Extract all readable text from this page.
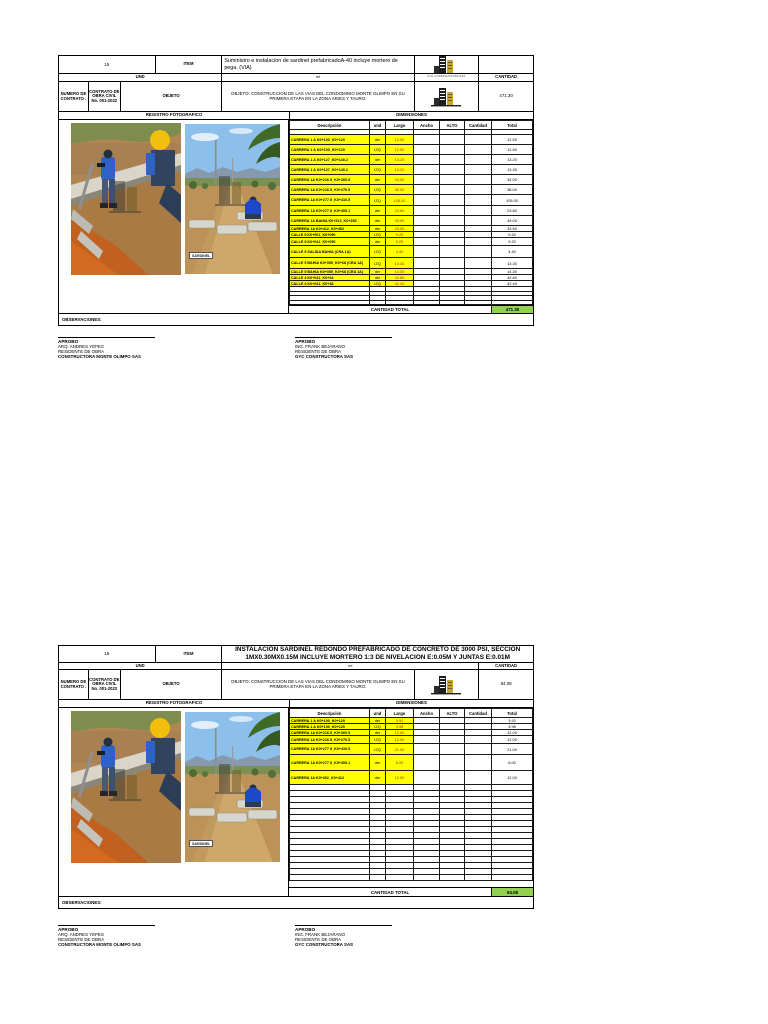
15	ITEM	Suministro e instalacion de sardinel prefabricadoA-40 incluye mortero de pega. (VIA)
UND	ml	GYC CONSTRUCTORA SAS	CANTIDAD
NUMERO DE CONTRATO .
CONTRATO DE OBRA CIVIL No. 001-2022
OBJETO
OBJETO: CONSTRUCCION DE LAS VIAS DEL CONDOMINIO MONTE OLIMPO EN SU PRIMERA ETAPA EN LA ZONA ARIES Y TAURO.	471.30
REGISTRO FOTOGRAFICO	DIMENSIONES
SARDINEL
Descripción	und	Largo	Ancho	ALTO	Cantidad	Total

CARRERA 1 A K0+100_K0+120	der	12.50				12.50
CARRERA 1 A K0+100_K0+120	IZQ	12.50				12.50
CARRERA 1 A K0+127_K0+140.2	der	13.20				13.20
CARRERA 1 A K0+127_K0+140.2	IZQ	13.30				13.30
CARRERA 1A K0+216.5_K0+260.5	der	34.00				34.00
CARRERA 1A K0+216.5_K0+270.5	IZQ	38.00				38.00
CARRERA 1A K0+277.5_K0+410.5	IZQ	105.00				105.00
CARRERA 1A K0+277.5_K0+305.1	der	23.60				23.60
CARRERA 1A BAHIA K0+313_K0+355	der	49.00				49.00
CARRERA 1A K0+412_K0+452	der	33.50				33.50
CALLE 5 K0+001_K0+050	IZQ	9.20				9.20
CALLE 5 K0+041_K0+050	der	9.20				9.20
CALLE 5 SALIDA BAHIA (CRA 1A)	IZQ	4.40				4.40
CALLE 5 BAHIA K0+055_K0+68 (CRA 1A)	IZQ	13.30				13.30
CALLE 5 BAHIA K0+055_K0+68 (CRA 1A)	der	14.30				14.30
CALLE 4 K0+041_K0+44	der	42.80				42.80
CALLE 4 K0+041_K0+48	IZQ	42.40				42.40

CANTIDAD TOTAL	471.30
OBSERVACIONES:
APROBO
ARQ. ANDRES YEPES
RESIDENTE DE OBRA
CONSTRUCTORA MONTE OLIMPO SAS
APROBO
ING. FRANK BEJARANO
RESIDENTE DE OBRA
GYC CONSTRUCTORA SAS
16	ITEM	INSTALACION SARDINEL REDONDO PREFABRICADO DE CONCRETO DE 3000 PSI, SECCION 1MX0.30MX0.15M INCLUYE MORTERO 1:3 DE NIVELACION E:0.05M Y JUNTAS E:0.01M
UND	ml	CANTIDAD
NUMERO DE CONTRATO .
CONTRATO DE OBRA CIVIL No. 001-2022
OBJETO
OBJETO: CONSTRUCCION DE LAS VIAS DEL CONDOMINIO MONTE OLIMPO EN SU PRIMERA ETAPA EN LA ZONA ARIES Y TAURO.	84.08
REGISTRO FOTOGRAFICO	DIMENSIONES
SARDINEL
Descripción	und	Largo	Ancho	ALTO	Cantidad	Total
CARRERA 1 A K0+100_K0+120	der	3.92				3.92
CARRERA 1 A K0+100_K0+120	IZQ	3.98				3.98
CARRERA 1A K0+216.5_K0+260.5	der	12.00				12.00
CARRERA 1A K0+216.5_K0+270.5	IZQ	12.00				12.00
CARRERA 1A K0+277.5_K0+410.5	IZQ	21.00				21.00
CARRERA 1A K0+277.5_K0+305.1	der	6.00				6.00
CARRERA 1A K0+302_K0+412	der	12.00				12.00

CANTIDAD TOTAL	84.08
OBSERVACIONES:
APROBO
ARQ. ANDRES YEPES
RESIDENTE DE OBRA
CONSTRUCTORA MONTE OLIMPO SAS
APROBO
ING. FRANK BEJARANO
RESIDENTE DE OBRA
GYC CONSTRUCTORA SAS
